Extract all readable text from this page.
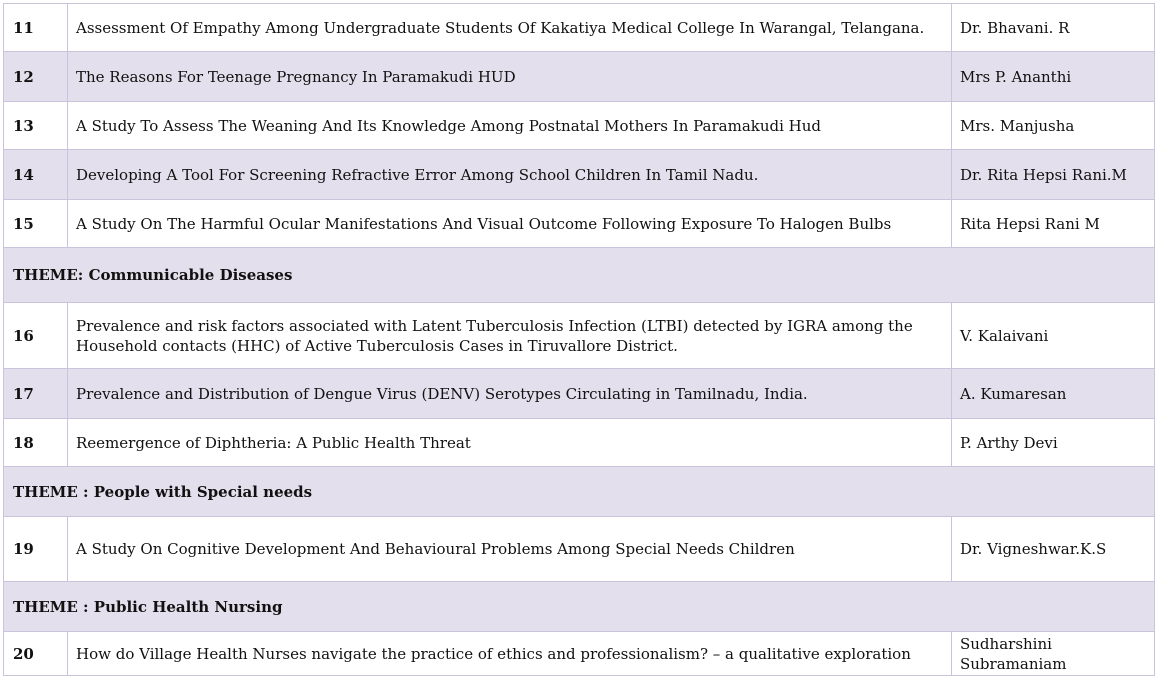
11	Assessment Of Empathy Among Undergraduate Students Of Kakatiya Medical College In Warangal, Telangana.	Dr. Bhavani. R
12	The Reasons For Teenage Pregnancy In Paramakudi HUD	Mrs P. Ananthi
13	A Study To Assess The Weaning And Its Knowledge Among Postnatal Mothers In Paramakudi Hud	Mrs. Manjusha
14	Developing A Tool For Screening Refractive Error Among School Children In Tamil Nadu.	Dr. Rita Hepsi Rani.M
15	A Study On The Harmful Ocular Manifestations And Visual Outcome Following Exposure To Halogen Bulbs	Rita Hepsi Rani M
THEME: Communicable Diseases		
16	Prevalence and risk factors associated with Latent Tuberculosis Infection (LTBI) detected by IGRA among the Household contacts (HHC) of Active Tuberculosis Cases in Tiruvallore District.	V. Kalaivani
17	Prevalence and Distribution of Dengue Virus (DENV) Serotypes Circulating in Tamilnadu, India.	A. Kumaresan
18	Reemergence of Diphtheria: A Public Health Threat	P. Arthy Devi
THEME : People with Special needs		
19	A Study On Cognitive Development And Behavioural Problems Among Special Needs Children	Dr. Vigneshwar.K.S
THEME : Public Health Nursing		
20	How do Village Health Nurses navigate the practice of ethics and professionalism? – a qualitative exploration	Sudharshini Subramaniam
